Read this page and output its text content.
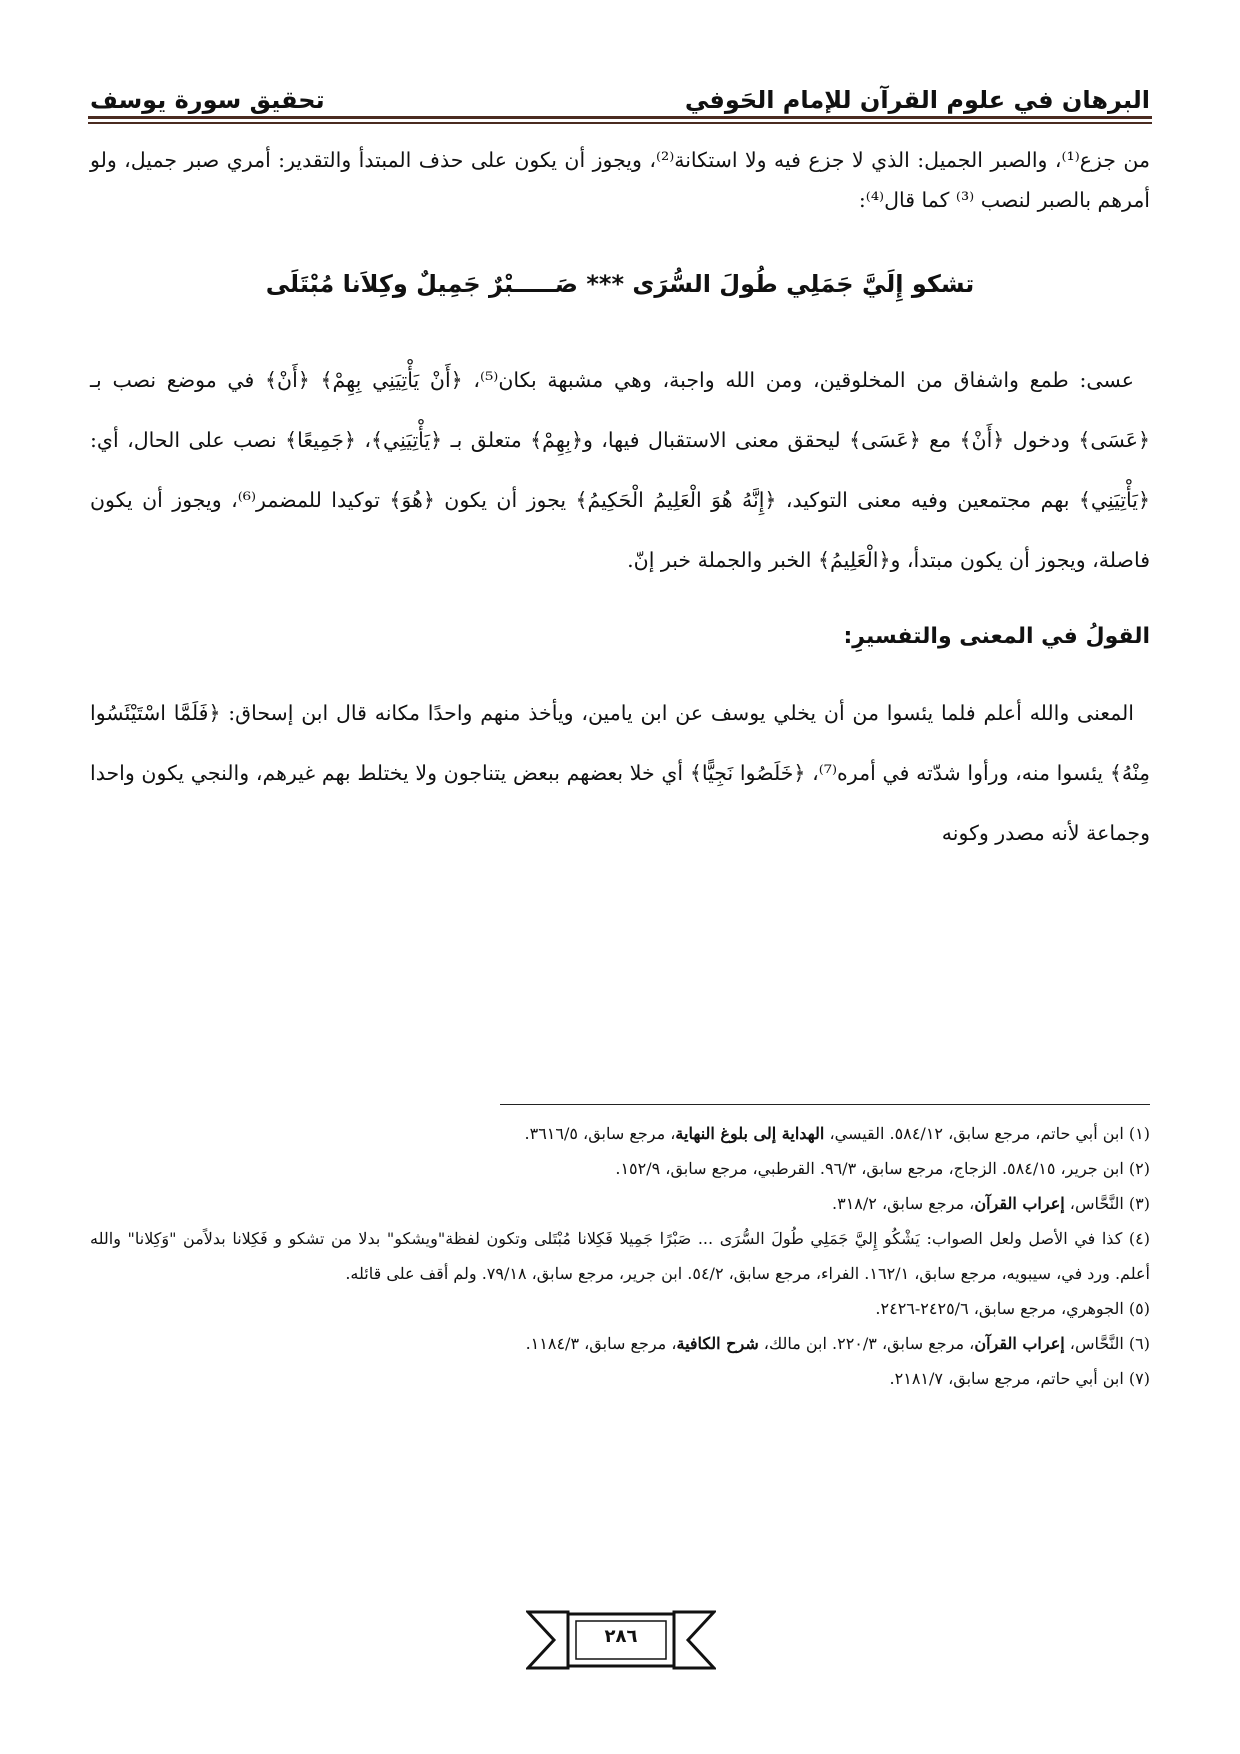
البرهان في علوم القرآن للإمام الحَوفي
تحقيق سورة يوسف

من جزع⁽¹⁾، والصبر الجميل: الذي لا جزع فيه ولا استكانة⁽²⁾، ويجوز أن يكون على حذف المبتدأ والتقدير: أمري صبر جميل، ولو أمرهم بالصبر لنصب ⁽³⁾ كما قال⁽⁴⁾:

تشكو إِلَيَّ جَمَلِي طُولَ السُّرَى *** صَـــــبْرٌ جَمِيلٌ وكِلاَنا مُبْتَلَى

عسى: طمع واشفاق من المخلوقين، ومن الله واجبة، وهي مشبهة بكان⁽⁵⁾، ﴿أَنْ يَأْتِيَنِي بِهِمْ﴾ ﴿أَنْ﴾ في موضع نصب بـ ﴿عَسَى﴾ ودخول ﴿أَنْ﴾ مع ﴿عَسَى﴾ ليحقق معنى الاستقبال فيها، و﴿بِهِمْ﴾ متعلق بـ ﴿يَأْتِيَنِي﴾، ﴿جَمِيعًا﴾ نصب على الحال، أي: ﴿يَأْتِيَنِي﴾ بهم مجتمعين وفيه معنى التوكيد، ﴿إِنَّهُ هُوَ الْعَلِيمُ الْحَكِيمُ﴾ يجوز أن يكون ﴿هُوَ﴾ توكيدا للمضمر⁽⁶⁾، ويجوز أن يكون فاصلة، ويجوز أن يكون مبتدأ، و﴿الْعَلِيمُ﴾ الخبر والجملة خبر إنّ.

القولُ في المعنى والتفسيرِ:

المعنى والله أعلم فلما يئسوا من أن يخلي يوسف عن ابن يامين، ويأخذ منهم واحدًا مكانه قال ابن إسحاق: ﴿فَلَمَّا اسْتَيْئَسُوا مِنْهُ﴾ يئسوا منه، ورأوا شدّته في أمره⁽⁷⁾، ﴿خَلَصُوا نَجِيًّا﴾ أي خلا بعضهم ببعض يتناجون ولا يختلط بهم غيرهم، والنجي يكون واحدا وجماعة لأنه مصدر وكونه

(١) ابن أبي حاتم، مرجع سابق، ٥٨٤/١٢. القيسي، الهداية إلى بلوغ النهاية، مرجع سابق، ٣٦١٦/٥.

(٢) ابن جرير، ٥٨٤/١٥. الزجاج، مرجع سابق، ٩٦/٣. القرطبي، مرجع سابق، ١٥٢/٩.

(٣) النَّحَّاس، إعراب القرآن، مرجع سابق، ٣١٨/٢.

(٤) كذا في الأصل ولعل الصواب: يَشْكُو إِليَّ جَمَلِي طُولَ السُّرَى ... صَبْرًا جَمِيلا فَكِلانا مُبْتَلى وتكون لفظة"ويشكو" بدلا من تشكو و فَكِلانا بدلاًمن "وَكِلانا" والله أعلم. ورد في، سيبويه، مرجع سابق، ١٦٢/١. الفراء، مرجع سابق، ٥٤/٢. ابن جرير، مرجع سابق، ٧٩/١٨. ولم أقف على قائله.

(٥) الجوهري، مرجع سابق، ٢٤٢٥/٦-٢٤٢٦.

(٦) النَّحَّاس، إعراب القرآن، مرجع سابق، ٢٢٠/٣. ابن مالك، شرح الكافية، مرجع سابق، ١١٨٤/٣.

(٧) ابن أبي حاتم، مرجع سابق، ٢١٨١/٧.

٢٨٦
